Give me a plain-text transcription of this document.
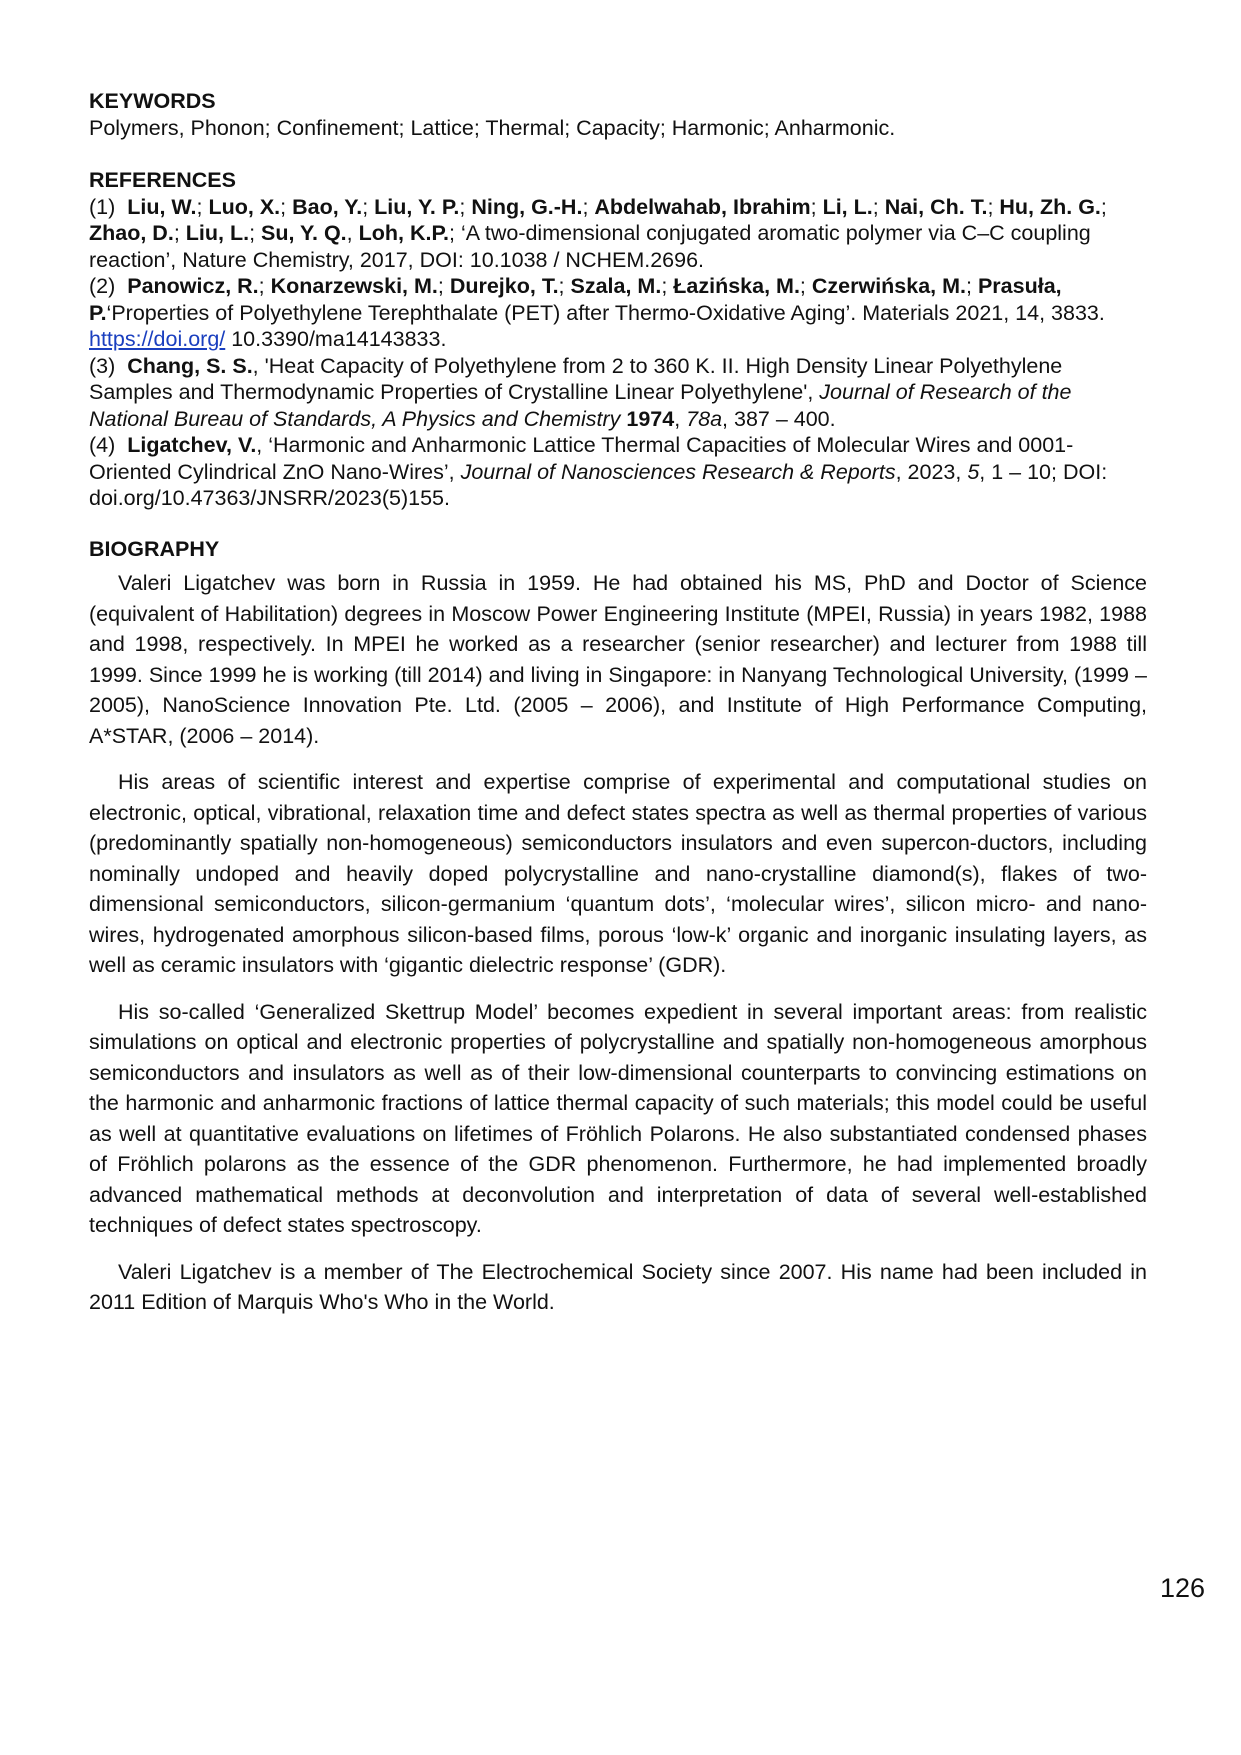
KEYWORDS

Polymers, Phonon; Confinement; Lattice; Thermal; Capacity; Harmonic; Anharmonic.

REFERENCES

(1) Liu, W.; Luo, X.; Bao, Y.; Liu, Y. P.; Ning, G.-H.; Abdelwahab, Ibrahim; Li, L.; Nai, Ch. T.; Hu, Zh. G.; Zhao, D.; Liu, L.; Su, Y. Q., Loh, K.P.; ‘A two-dimensional conjugated aromatic polymer via C–C coupling reaction’, Nature Chemistry, 2017, DOI: 10.1038 / NCHEM.2696.

(2) Panowicz, R.; Konarzewski, M.; Durejko, T.; Szala, M.; Łazińska, M.; Czerwińska, M.; Prasuła, P.‘Properties of Polyethylene Terephthalate (PET) after Thermo-Oxidative Aging’. Materials 2021, 14, 3833. https://doi.org/ 10.3390/ma14143833.

(3) Chang, S. S., 'Heat Capacity of Polyethylene from 2 to 360 K. II. High Density Linear Polyethylene Samples and Thermodynamic Properties of Crystalline Linear Polyethylene', Journal of Research of the National Bureau of Standards, A Physics and Chemistry 1974, 78a, 387 – 400.

(4) Ligatchev, V., ‘Harmonic and Anharmonic Lattice Thermal Capacities of Molecular Wires and 0001-Oriented Cylindrical ZnO Nano-Wires’, Journal of Nanosciences Research & Reports, 2023, 5, 1 – 10; DOI: doi.org/10.47363/JNSRR/2023(5)155.

BIOGRAPHY

Valeri Ligatchev was born in Russia in 1959. He had obtained his MS, PhD and Doctor of Science (equivalent of Habilitation) degrees in Moscow Power Engineering Institute (MPEI, Russia) in years 1982, 1988 and 1998, respectively. In MPEI he worked as a researcher (senior researcher) and lecturer from 1988 till 1999. Since 1999 he is working (till 2014) and living in Singapore: in Nanyang Technological University, (1999 – 2005), NanoScience Innovation Pte. Ltd. (2005 – 2006), and Institute of High Performance Computing, A*STAR, (2006 – 2014).

His areas of scientific interest and expertise comprise of experimental and computational studies on electronic, optical, vibrational, relaxation time and defect states spectra as well as thermal properties of various (predominantly spatially non-homogeneous) semiconductors insulators and even supercon-ductors, including nominally undoped and heavily doped polycrystalline and nano-crystalline diamond(s), flakes of two-dimensional semiconductors, silicon-germanium ‘quantum dots’, ‘molecular wires’, silicon micro- and nano-wires, hydrogenated amorphous silicon-based films, porous ‘low-k’ organic and inorganic insulating layers, as well as ceramic insulators with ‘gigantic dielectric response’ (GDR).

His so-called ‘Generalized Skettrup Model’ becomes expedient in several important areas: from realistic simulations on optical and electronic properties of polycrystalline and spatially non-homogeneous amorphous semiconductors and insulators as well as of their low-dimensional counterparts to convincing estimations on the harmonic and anharmonic fractions of lattice thermal capacity of such materials; this model could be useful as well at quantitative evaluations on lifetimes of Fröhlich Polarons. He also substantiated condensed phases of Fröhlich polarons as the essence of the GDR phenomenon. Furthermore, he had implemented broadly advanced mathematical methods at deconvolution and interpretation of data of several well-established techniques of defect states spectroscopy.

Valeri Ligatchev is a member of The Electrochemical Society since 2007. His name had been included in 2011 Edition of Marquis Who's Who in the World.

126
